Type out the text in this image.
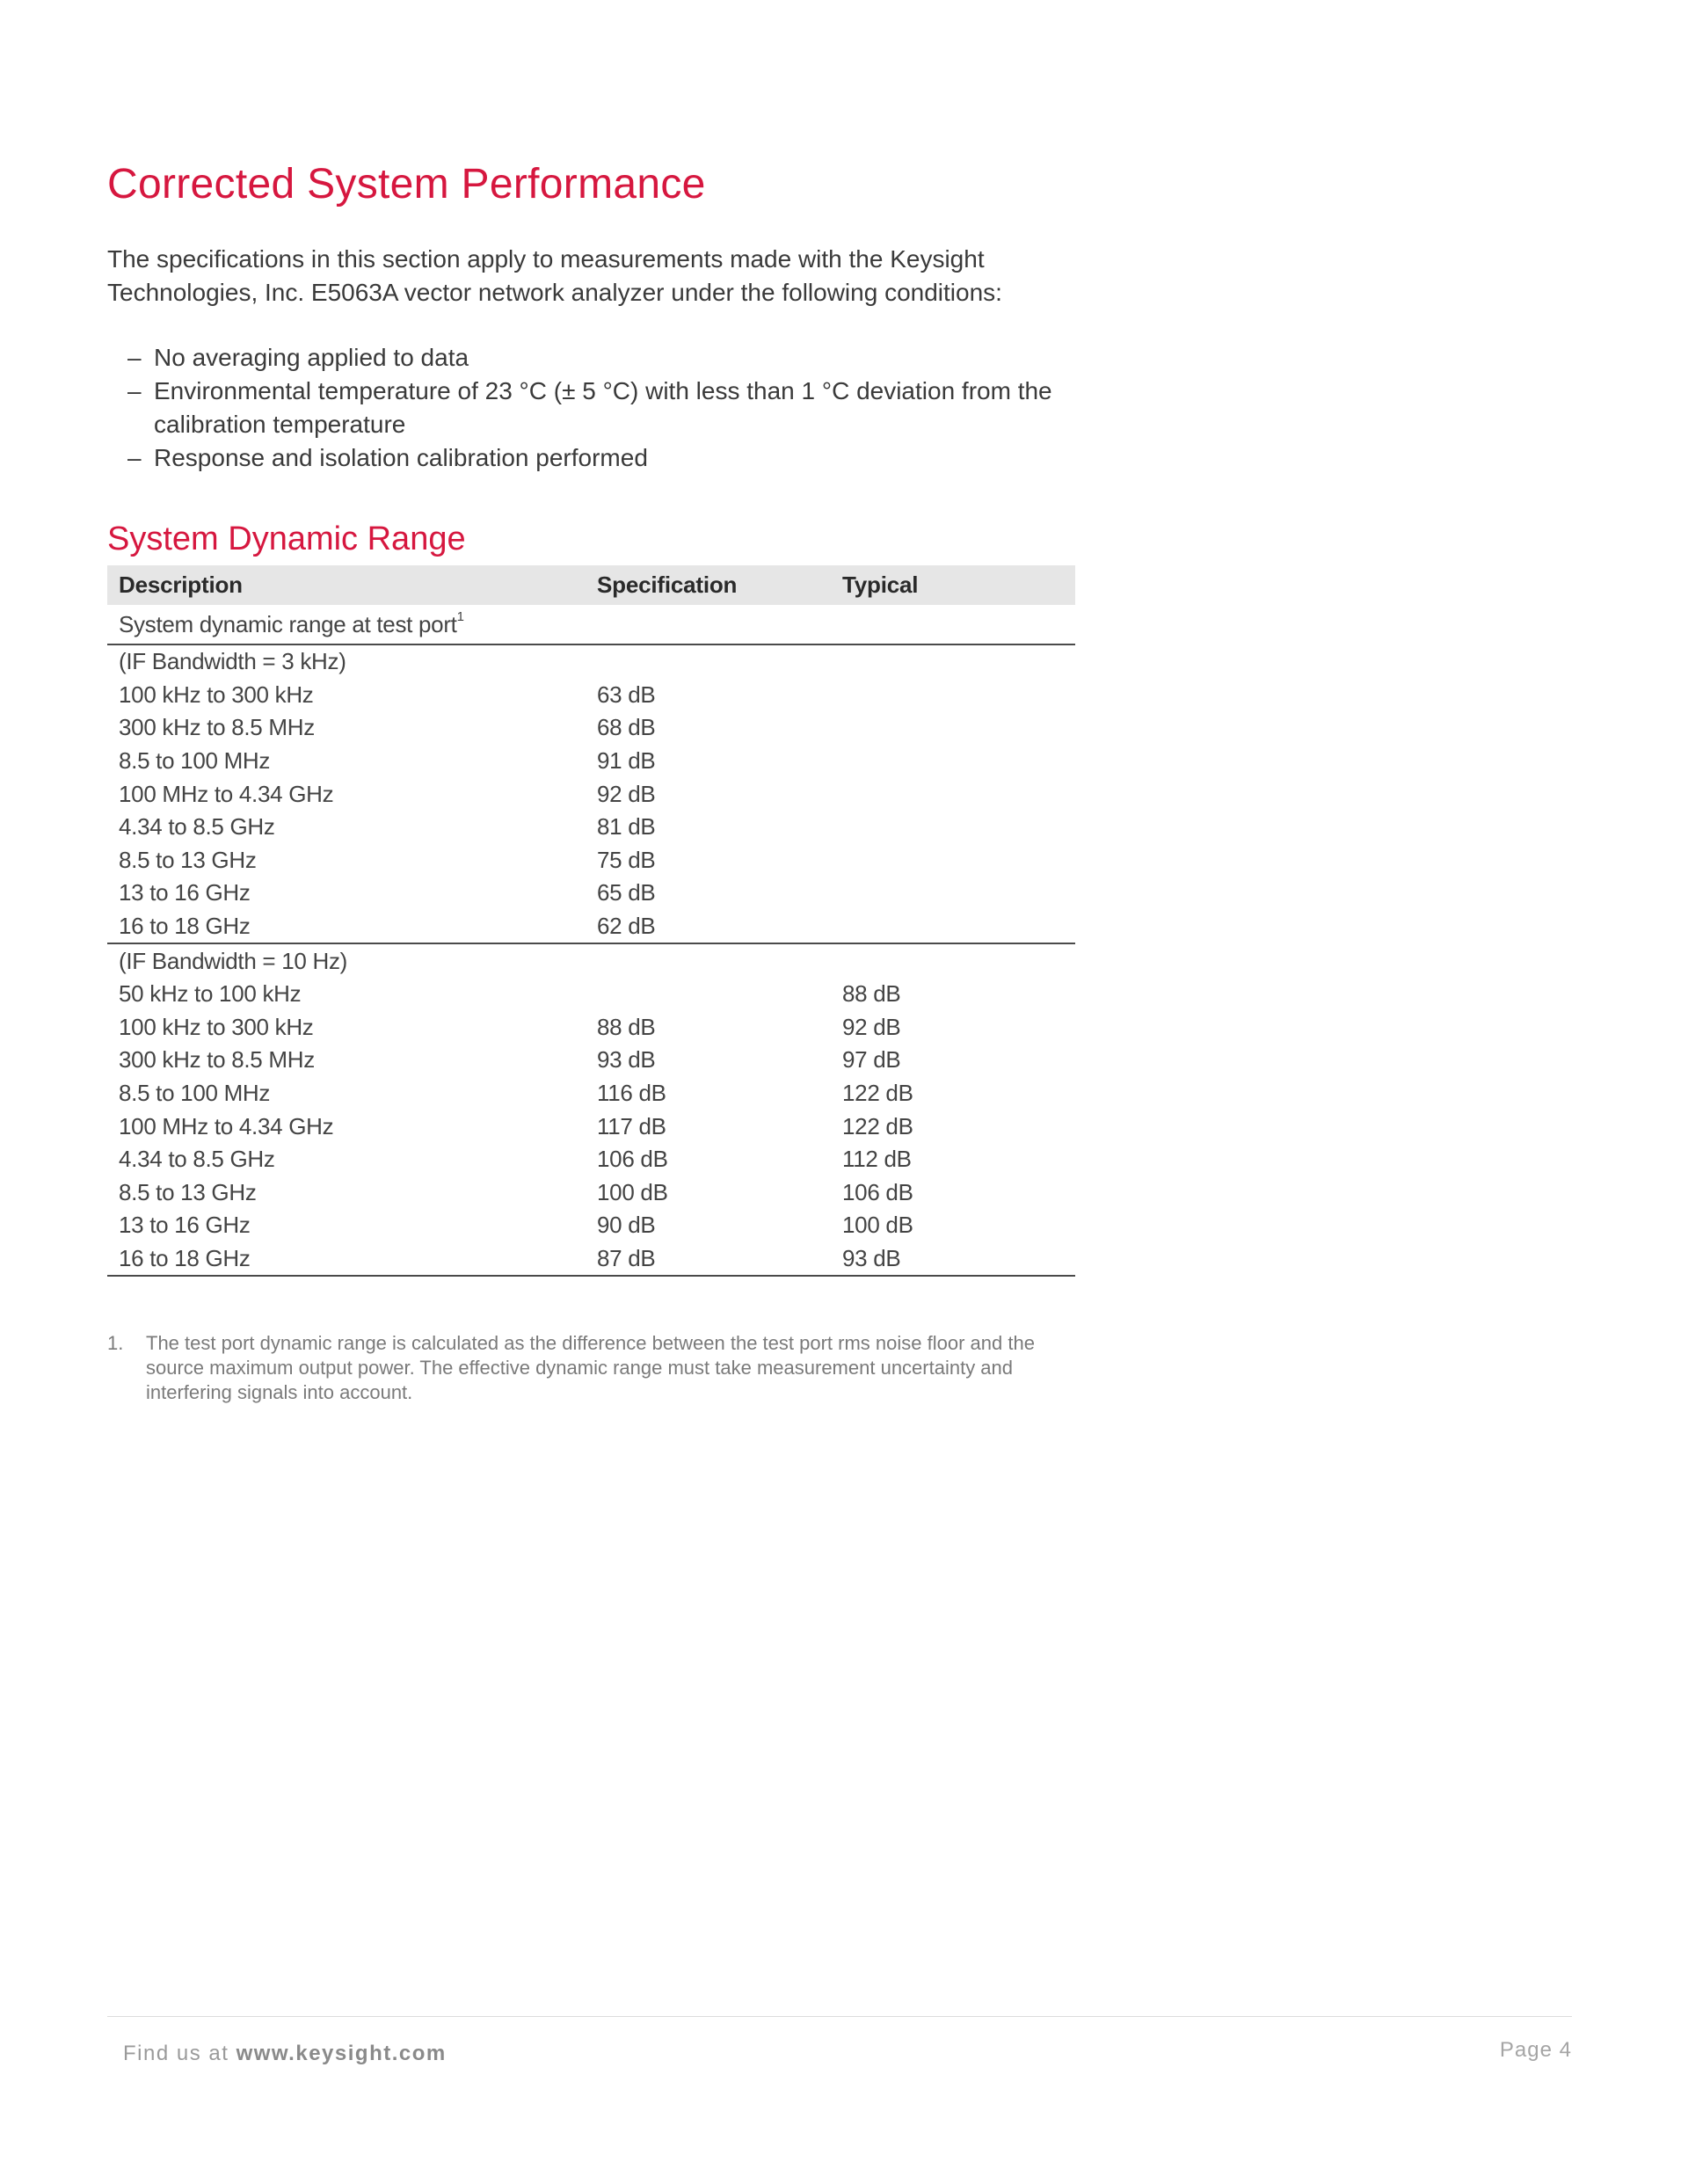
Corrected System Performance

The specifications in this section apply to measurements made with the Keysight Technologies, Inc. E5063A vector network analyzer under the following conditions:

– No averaging applied to data
– Environmental temperature of 23 °C (± 5 °C) with less than 1 °C deviation from the calibration temperature
– Response and isolation calibration performed
System Dynamic Range
Description	Specification	Typical
System dynamic range at test port$^1$
(IF Bandwidth = 3 kHz)		
100 kHz to 300 kHz	63 dB	
300 kHz to 8.5 MHz	68 dB	
8.5 to 100 MHz	91 dB	
100 MHz to 4.34 GHz	92 dB	
4.34 to 8.5 GHz	81 dB	
8.5 to 13 GHz	75 dB	
13 to 16 GHz	65 dB	
16 to 18 GHz	62 dB	
(IF Bandwidth = 10 Hz)		
50 kHz to 100 kHz		88 dB
100 kHz to 300 kHz	88 dB	92 dB
300 kHz to 8.5 MHz	93 dB	97 dB
8.5 to 100 MHz	116 dB	122 dB
100 MHz to 4.34 GHz	117 dB	122 dB
4.34 to 8.5 GHz	106 dB	112 dB
8.5 to 13 GHz	100 dB	106 dB
13 to 16 GHz	90 dB	100 dB
16 to 18 GHz	87 dB	93 dB

1.	The test port dynamic range is calculated as the difference between the test port rms noise floor and the source maximum output power. The effective dynamic range must take measurement uncertainty and interfering signals into account.

Find us at www.keysight.com	Page 4
